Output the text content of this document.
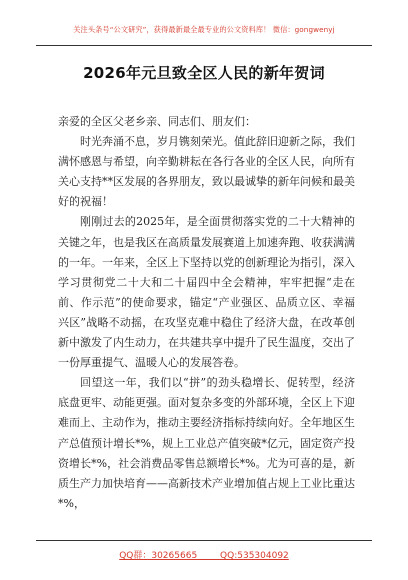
关注头条号“公文研究”，获得最新最全最专业的公文资料库！ 微信：gongwenyj
2026年元旦致全区人民的新年贺词

亲爱的全区父老乡亲、同志们、朋友们：

时光奔涌不息，岁月镌刻荣光。值此辞旧迎新之际，我们满怀感恩与希望，向辛勤耕耘在各行各业的全区人民，向所有关心支持**区发展的各界朋友，致以最诚挚的新年问候和最美好的祝福！

刚刚过去的2025年，是全面贯彻落实党的二十大精神的关键之年，也是我区在高质量发展赛道上加速奔跑、收获满满的一年。一年来，全区上下坚持以党的创新理论为指引，深入学习贯彻党二十大和二十届四中全会精神，牢牢把握“走在前、作示范”的使命要求，锚定“产业强区、品质立区、幸福兴区”战略不动摇，在攻坚克难中稳住了经济大盘，在改革创新中激发了内生动力，在共建共享中提升了民生温度，交出了一份厚重提气、温暖人心的发展答卷。

回望这一年，我们以“拼”的劲头稳增长、促转型，经济底盘更牢、动能更强。面对复杂多变的外部环境，全区上下迎难而上、主动作为，推动主要经济指标持续向好。全年地区生产总值预计增长*%，规上工业总产值突破*亿元，固定资产投资增长*%，社会消费品零售总额增长*%。尤为可喜的是，新质生产力加快培育——高新技术产业增加值占规上工业比重达*%，

QQ群：30265665        QQ:535304092
